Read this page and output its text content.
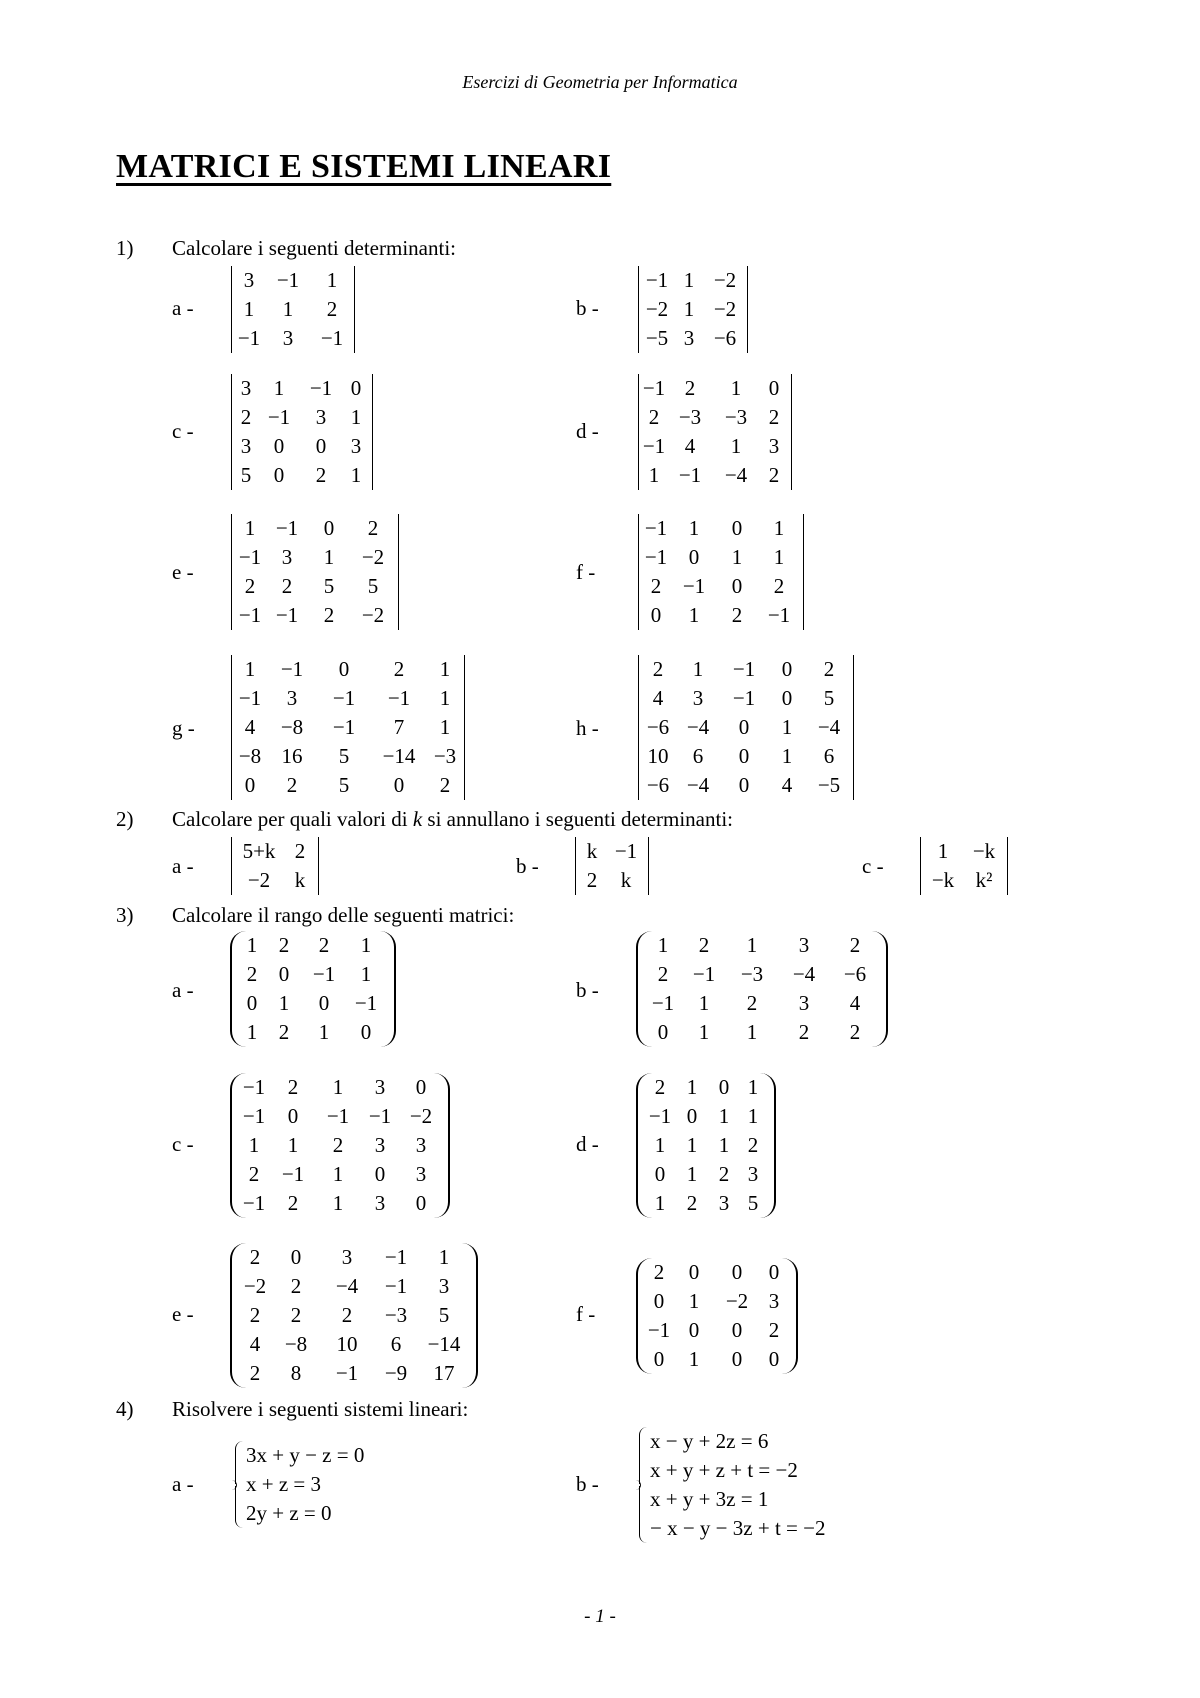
Esercizi di Geometria per Informatica
MATRICI E SISTEMI LINEARI
1) Calcolare i seguenti determinanti:
a -
3	−1	1
1	1	2
−1	3	−1
b -
−1	1	−2
−2	1	−2
−5	3	−6
c -
3	1	−1	0
2	−1	3	1
3	0	0	3
5	0	2	1
d -
−1	2	1	0
2	−3	−3	2
−1	4	1	3
1	−1	−4	2
e -
1	−1	0	2
−1	3	1	−2
2	2	5	5
−1	−1	2	−2
f -
−1	1	0	1
−1	0	1	1
2	−1	0	2
0	1	2	−1
g -
1	−1	0	2	1
−1	3	−1	−1	1
4	−8	−1	7	1
−8	16	5	−14	−3
0	2	5	0	2
h -
2	1	−1	0	2
4	3	−1	0	5
−6	−4	0	1	−4
10	6	0	1	6
−6	−4	0	4	−5
2) Calcolare per quali valori di k si annullano i seguenti determinanti:
a -
5+k	2
−2	k
b -
k	−1
2	k
c -
1	−k
−k	k²
3) Calcolare il rango delle seguenti matrici:
a -
1	2	2	1
2	0	−1	1
0	1	0	−1
1	2	1	0
b -
1	2	1	3	2
2	−1	−3	−4	−6
−1	1	2	3	4
0	1	1	2	2
c -
−1	2	1	3	0
−1	0	−1	−1	−2
1	1	2	3	3
2	−1	1	0	3
−1	2	1	3	0
d -
2	1	0	1
−1	0	1	1
1	1	1	2
0	1	2	3
1	2	3	5
e -
2	0	3	−1	1
−2	2	−4	−1	3
2	2	2	−3	5
4	−8	10	6	−14
2	8	−1	−9	17
f -
2	0	0	0
0	1	−2	3
−1	0	0	2
0	1	0	0
4) Risolvere i seguenti sistemi lineari:
a -
3x + y − z = 0
x + z = 3
2y + z = 0
b -
x − y + 2z = 6
x + y + z + t = −2
x + y + 3z = 1
− x − y − 3z + t = −2
- 1 -
